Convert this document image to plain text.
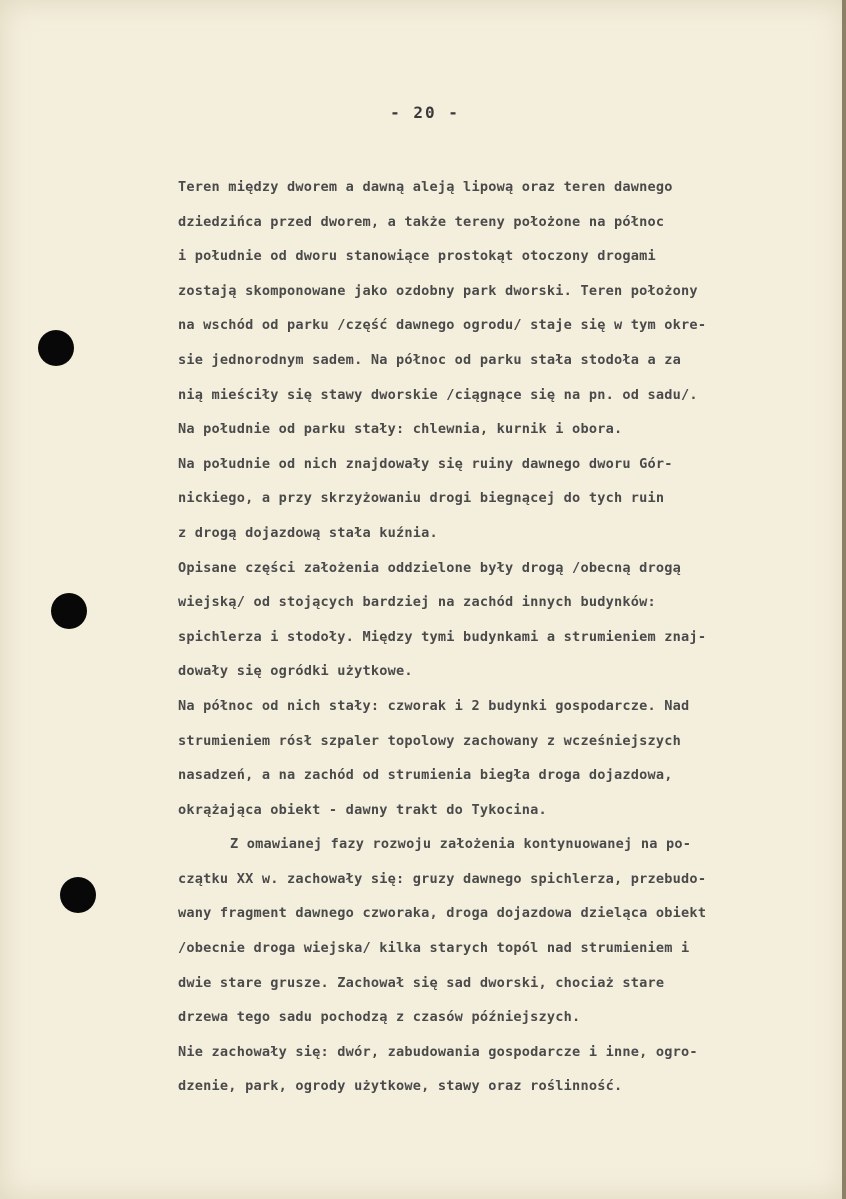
- 20 -
Teren między dworem a dawną aleją lipową oraz teren dawnego
dziedzińca przed dworem, a także tereny położone na północ
i południe od dworu stanowiące prostokąt otoczony drogami
zostają skomponowane jako ozdobny park dworski. Teren położony
na wschód od parku /część dawnego ogrodu/ staje się w tym okre-
sie jednorodnym sadem. Na północ od parku stała stodoła a za
nią mieściły się stawy dworskie /ciągnące się na pn. od sadu/.
Na południe od parku stały: chlewnia, kurnik i obora.
Na południe od nich znajdowały się ruiny dawnego dworu Gór-
nickiego, a przy skrzyżowaniu drogi biegnącej do tych ruin
z drogą dojazdową stała kuźnia.
Opisane części założenia oddzielone były drogą /obecną drogą
wiejską/ od stojących bardziej na zachód innych budynków:
spichlerza i stodoły. Między tymi budynkami a strumieniem znaj-
dowały się ogródki użytkowe.
Na północ od nich stały: czworak i 2 budynki gospodarcze. Nad
strumieniem rósł szpaler topolowy zachowany z wcześniejszych
nasadzeń, a na zachód od strumienia biegła droga dojazdowa,
okrążająca obiekt - dawny trakt do Tykocina.
Z omawianej fazy rozwoju założenia kontynuowanej na po-
czątku XX w. zachowały się: gruzy dawnego spichlerza, przebudo-
wany fragment dawnego czworaka, droga dojazdowa dzieląca obiekt
/obecnie droga wiejska/ kilka starych topól nad strumieniem i
dwie stare grusze. Zachował się sad dworski, chociaż stare
drzewa tego sadu pochodzą z czasów późniejszych.
Nie zachowały się: dwór, zabudowania gospodarcze i inne, ogro-
dzenie, park, ogrody użytkowe, stawy oraz roślinność.
